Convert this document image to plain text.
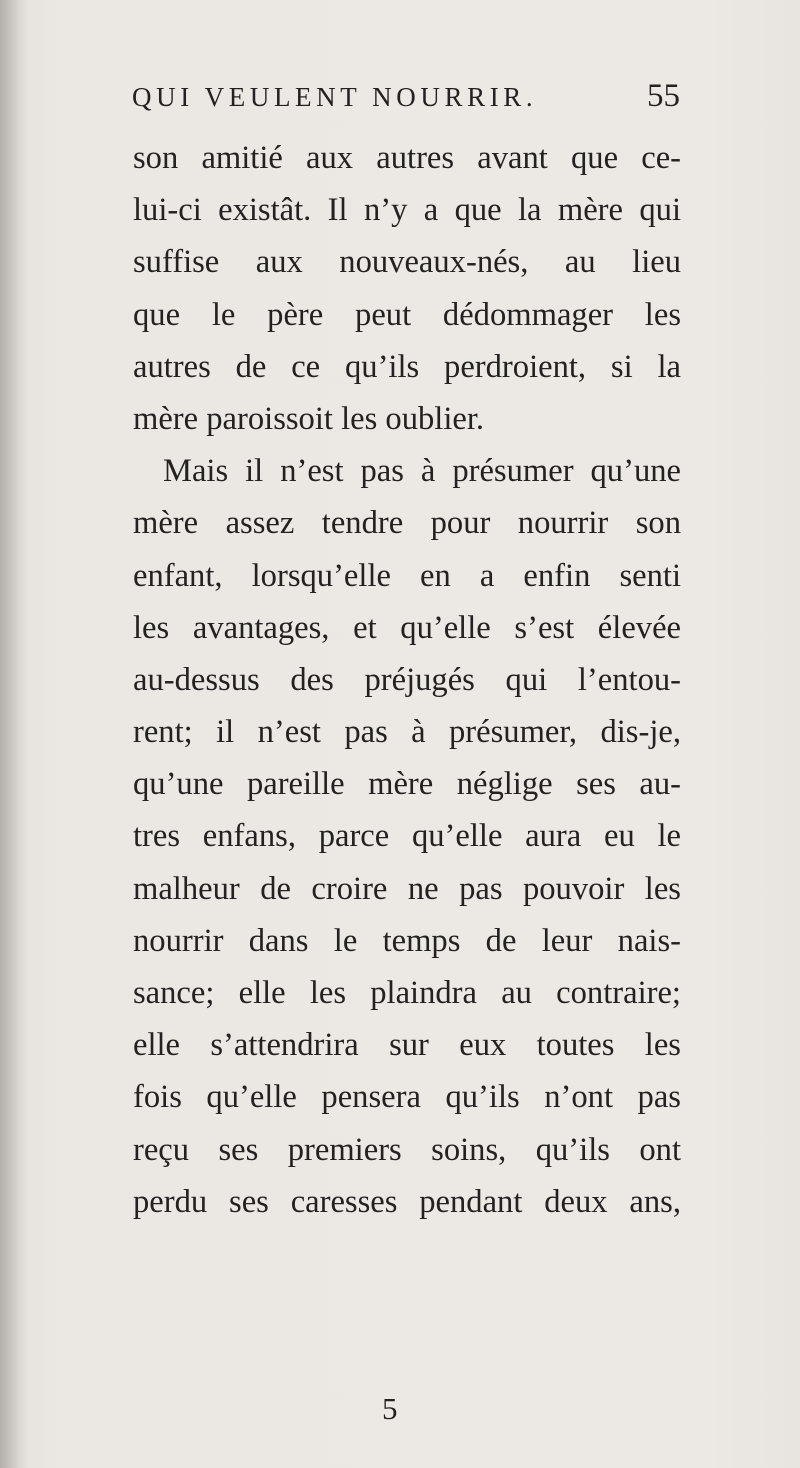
QUI VEULENT NOURRIR.	55
son amitié aux autres avant que ce-
lui-ci existât. Il n’y a que la mère qui
suffise aux nouveaux-nés, au lieu
que le père peut dédommager les
autres de ce qu’ils perdroient, si la
mère paroissoit les oublier.
Mais il n’est pas à présumer qu’une
mère assez tendre pour nourrir son
enfant, lorsqu’elle en a enfin senti
les avantages, et qu’elle s’est élevée
au-dessus des préjugés qui l’entou-
rent; il n’est pas à présumer, dis-je,
qu’une pareille mère néglige ses au-
tres enfans, parce qu’elle aura eu le
malheur de croire ne pas pouvoir les
nourrir dans le temps de leur nais-
sance; elle les plaindra au contraire;
elle s’attendrira sur eux toutes les
fois qu’elle pensera qu’ils n’ont pas
reçu ses premiers soins, qu’ils ont
perdu ses caresses pendant deux ans,
5
